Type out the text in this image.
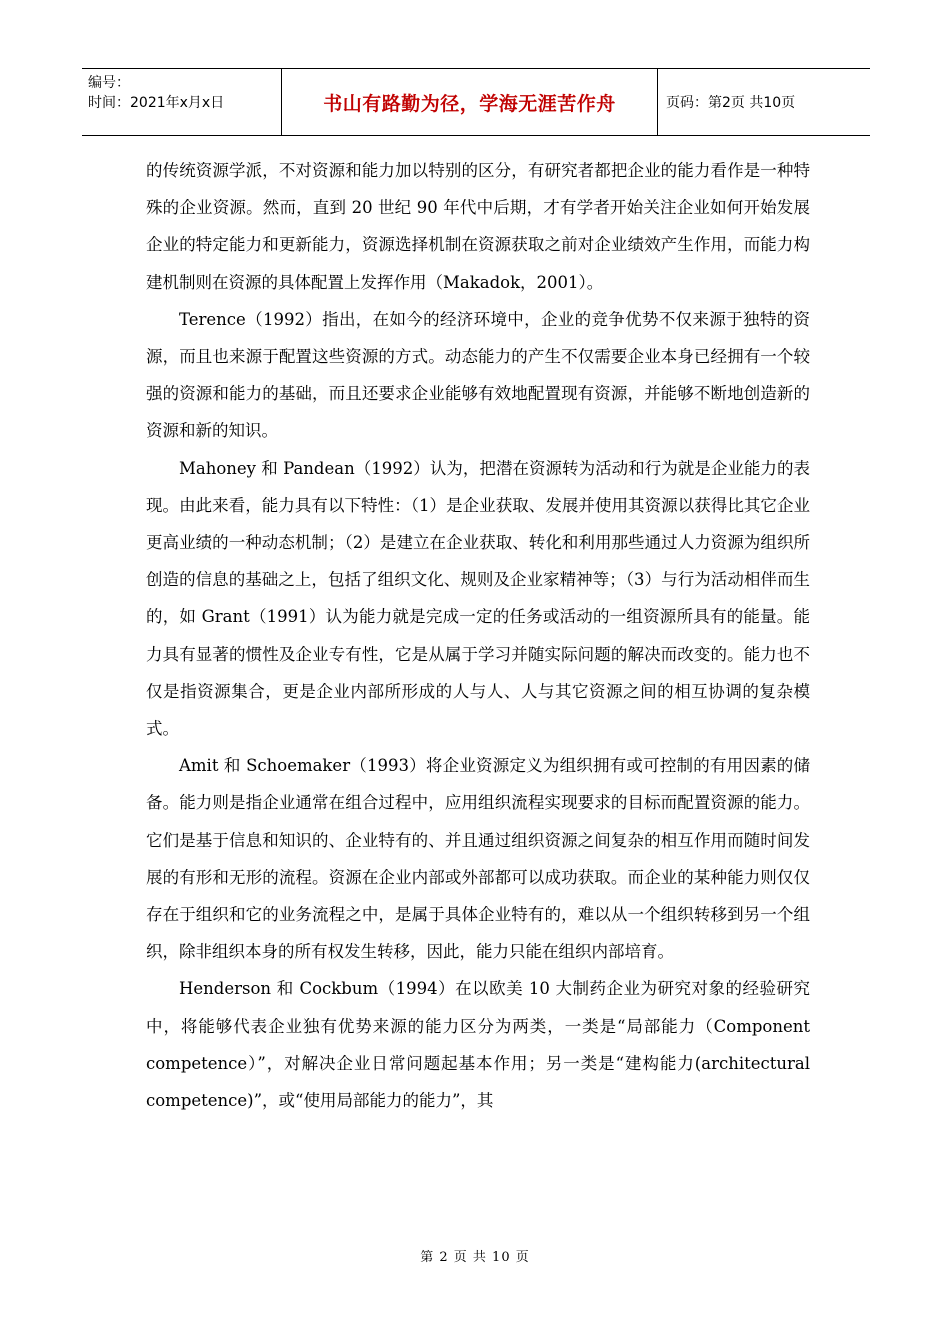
编号：
时间：2021年x月x日	书山有路勤为径，学海无涯苦作舟	页码：第2页 共10页

的传统资源学派，不对资源和能力加以特别的区分，有研究者都把企业的能力看作是一种特殊的企业资源。然而，直到 20 世纪 90 年代中后期，才有学者开始关注企业如何开始发展企业的特定能力和更新能力，资源选择机制在资源获取之前对企业绩效产生作用，而能力构建机制则在资源的具体配置上发挥作用（Makadok，2001）。

Terence（1992）指出，在如今的经济环境中，企业的竞争优势不仅来源于独特的资源，而且也来源于配置这些资源的方式。动态能力的产生不仅需要企业本身已经拥有一个较强的资源和能力的基础，而且还要求企业能够有效地配置现有资源，并能够不断地创造新的资源和新的知识。

Mahoney 和 Pandean（1992）认为，把潜在资源转为活动和行为就是企业能力的表现。由此来看，能力具有以下特性：（1）是企业获取、发展并使用其资源以获得比其它企业更高业绩的一种动态机制；（2）是建立在企业获取、转化和利用那些通过人力资源为组织所创造的信息的基础之上，包括了组织文化、规则及企业家精神等；（3）与行为活动相伴而生的，如 Grant（1991）认为能力就是完成一定的任务或活动的一组资源所具有的能量。能力具有显著的惯性及企业专有性，它是从属于学习并随实际问题的解决而改变的。能力也不仅是指资源集合，更是企业内部所形成的人与人、人与其它资源之间的相互协调的复杂模式。

Amit 和 Schoemaker（1993）将企业资源定义为组织拥有或可控制的有用因素的储备。能力则是指企业通常在组合过程中，应用组织流程实现要求的目标而配置资源的能力。它们是基于信息和知识的、企业特有的、并且通过组织资源之间复杂的相互作用而随时间发展的有形和无形的流程。资源在企业内部或外部都可以成功获取。而企业的某种能力则仅仅存在于组织和它的业务流程之中，是属于具体企业特有的，难以从一个组织转移到另一个组织，除非组织本身的所有权发生转移，因此，能力只能在组织内部培育。

Henderson 和 Cockbum（1994）在以欧美 10 大制药企业为研究对象的经验研究中，将能够代表企业独有优势来源的能力区分为两类，一类是“局部能力（Component competence）”，对解决企业日常问题起基本作用；另一类是“建构能力(architectural competence)”，或“使用局部能力的能力”，其

第 2 页 共 10 页
